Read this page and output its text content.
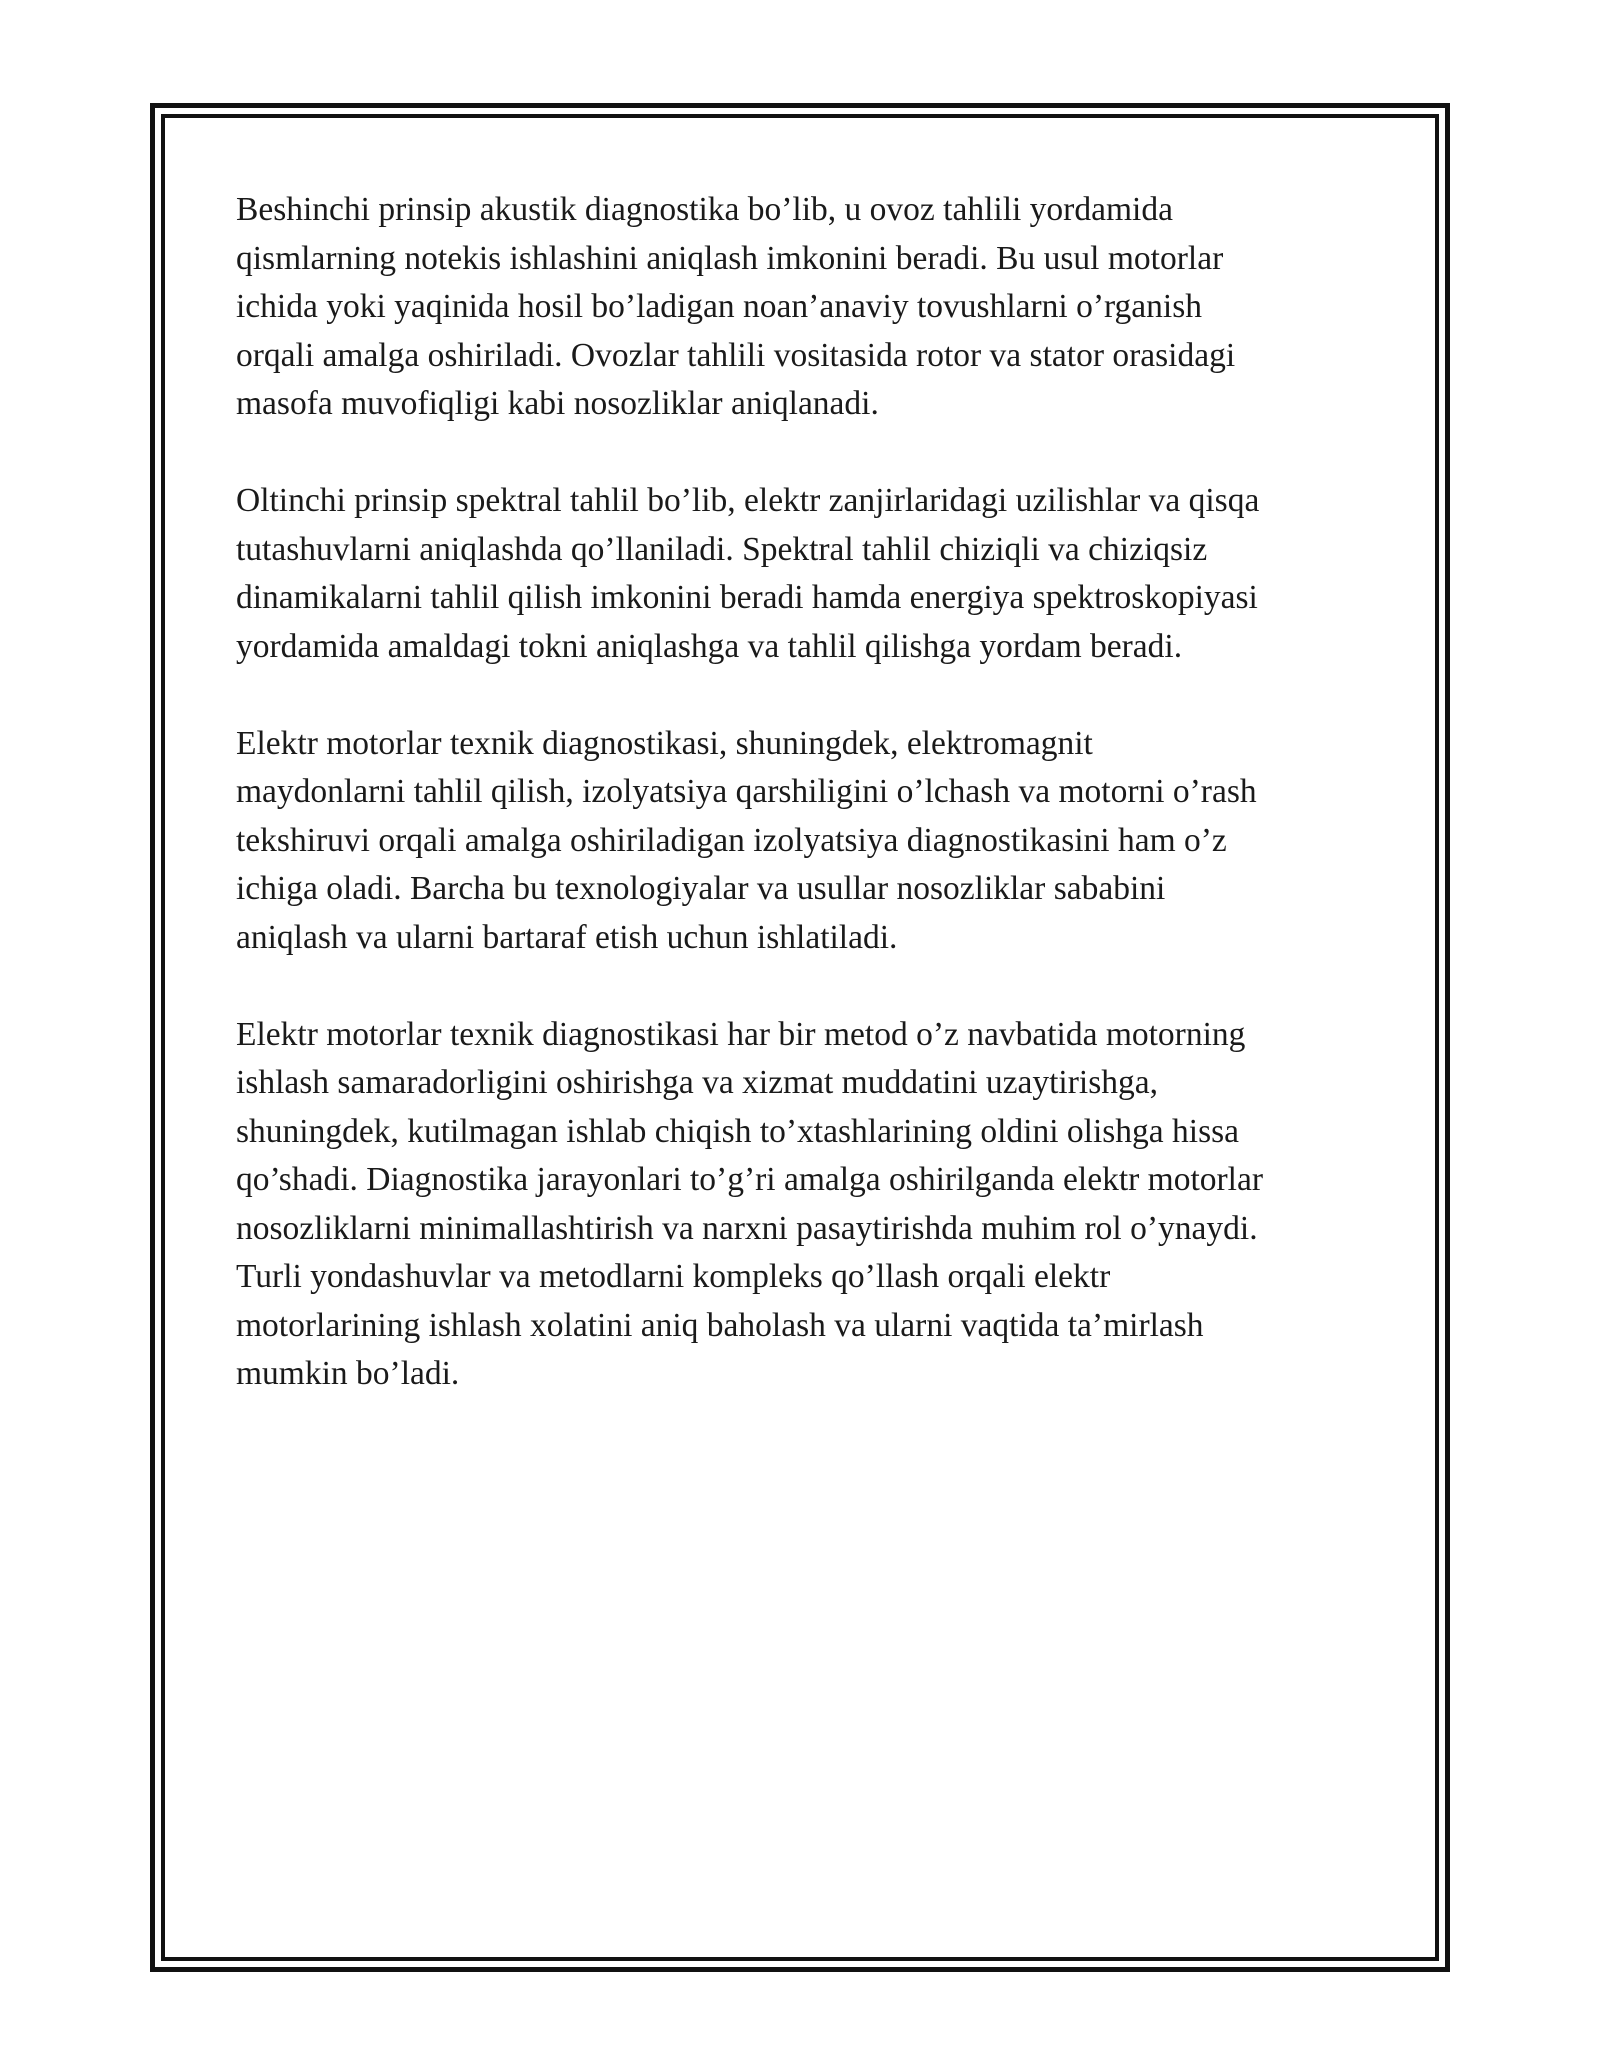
Beshinchi prinsip akustik diagnostika bo’lib, u ovoz tahlili yordamida
qismlarning notekis ishlashini aniqlash imkonini beradi. Bu usul motorlar
ichida yoki yaqinida hosil bo’ladigan noan’anaviy tovushlarni o’rganish
orqali amalga oshiriladi. Ovozlar tahlili vositasida rotor va stator orasidagi
masofa muvofiqligi kabi nosozliklar aniqlanadi.

Oltinchi prinsip spektral tahlil bo’lib, elektr zanjirlaridagi uzilishlar va qisqa
tutashuvlarni aniqlashda qo’llaniladi. Spektral tahlil chiziqli va chiziqsiz
dinamikalarni tahlil qilish imkonini beradi hamda energiya spektroskopiyasi
yordamida amaldagi tokni aniqlashga va tahlil qilishga yordam beradi.

Elektr motorlar texnik diagnostikasi, shuningdek, elektromagnit
maydonlarni tahlil qilish, izolyatsiya qarshiligini o’lchash va motorni o’rash
tekshiruvi orqali amalga oshiriladigan izolyatsiya diagnostikasini ham o’z
ichiga oladi. Barcha bu texnologiyalar va usullar nosozliklar sababini
aniqlash va ularni bartaraf etish uchun ishlatiladi.

Elektr motorlar texnik diagnostikasi har bir metod o’z navbatida motorning
ishlash samaradorligini oshirishga va xizmat muddatini uzaytirishga,
shuningdek, kutilmagan ishlab chiqish to’xtashlarining oldini olishga hissa
qo’shadi. Diagnostika jarayonlari to’g’ri amalga oshirilganda elektr motorlar
nosozliklarni minimallashtirish va narxni pasaytirishda muhim rol o’ynaydi.
Turli yondashuvlar va metodlarni kompleks qo’llash orqali elektr
motorlarining ishlash xolatini aniq baholash va ularni vaqtida ta’mirlash
mumkin bo’ladi.
